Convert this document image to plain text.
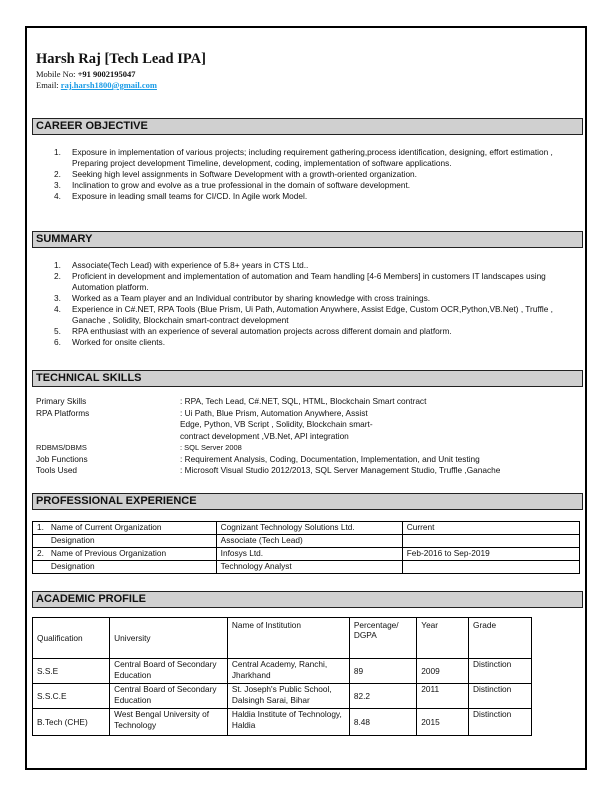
Harsh Raj [Tech Lead IPA]
Mobile No: +91 9002195047
Email: raj.harsh1800@gmail.com
CAREER OBJECTIVE
1. Exposure in implementation of various projects; including requirement gathering,process identification, designing, effort estimation , Preparing project development Timeline, development, coding, implementation of software applications.
2. Seeking high level assignments in Software Development with a growth-oriented organization.
3. Inclination to grow and evolve as a true professional in the domain of software development.
4. Exposure in leading small teams for CI/CD. In Agile work Model.
SUMMARY
1. Associate(Tech Lead) with experience of 5.8+ years in CTS Ltd..
2. Proficient in development and implementation of automation and Team handling [4-6 Members] in customers IT landscapes using Automation platform.
3. Worked as a Team player and an Individual contributor by sharing knowledge with cross trainings.
4. Experience in C#.NET, RPA Tools (Blue Prism, Ui Path, Automation Anywhere, Assist Edge, Custom OCR,Python,VB.Net) , Truffle , Ganache , Solidity, Blockchain smart-contract development
5. RPA enthusiast with an experience of several automation projects across different domain and platform.
6. Worked for onsite clients.
TECHNICAL SKILLS
Primary Skills	: RPA, Tech Lead, C#.NET, SQL, HTML, Blockchain Smart contract
RPA Platforms	: Ui Path, Blue Prism, Automation Anywhere, Assist
Edge, Python, VB Script , Solidity, Blockchain smart-
contract development ,VB.Net, API integration
RDBMS/DBMS	: SQL Server 2008
Job Functions	: Requirement Analysis, Coding, Documentation, Implementation, and Unit testing
Tools Used	: Microsoft Visual Studio 2012/2013, SQL Server Management Studio, Truffle ,Ganache
PROFESSIONAL EXPERIENCE
1.   Name of Current Organization	Cognizant Technology Solutions Ltd.	Current
Designation	Associate (Tech Lead)	
2.   Name of Previous Organization	Infosys Ltd.	Feb-2016 to Sep-2019
Designation	Technology Analyst	
ACADEMIC PROFILE
Qualification	University	Name of Institution	Percentage/ DGPA	Year	Grade
S.S.E	Central Board of Secondary Education	Central Academy, Ranchi, Jharkhand	89	2009	Distinction
S.S.C.E	Central Board of Secondary Education	St. Joseph's Public School, Dalsingh Sarai, Bihar	82.2	2011	Distinction
B.Tech (CHE)	West Bengal University of Technology	Haldia Institute of Technology, Haldia	8.48	2015	Distinction
